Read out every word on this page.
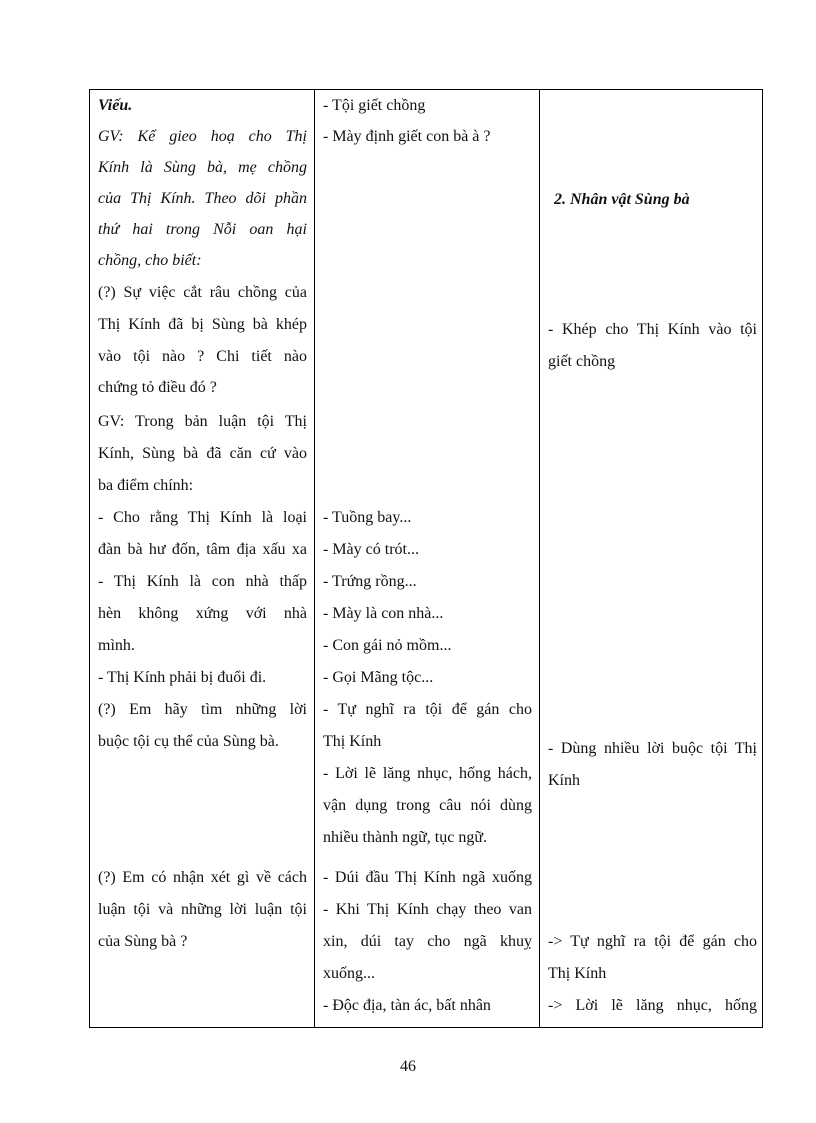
Viếu.
GV: Kể gieo hoạ cho Thị
Kính là Sùng bà, mẹ chồng
của Thị Kính. Theo dõi phần
thứ hai trong Nỗi oan hại
chồng, cho biết:
(?) Sự việc cắt râu chồng của
Thị Kính đã bị Sùng bà khép
vào tội nào ? Chi tiết nào
chứng tỏ điều đó ?
GV: Trong bản luận tội Thị
Kính, Sùng bà đã căn cứ vào
ba điểm chính:
- Cho rằng Thị Kính là loại
đàn bà hư đốn, tâm địa xấu xa
- Thị Kính là con nhà thấp
hèn không xứng với nhà
mình.
- Thị Kính phải bị đuổi đi.
(?) Em hãy tìm những lời
buộc tội cụ thể của Sùng bà.
(?) Em có nhận xét gì về cách
luận tội và những lời luận tội
của Sùng bà ?
- Tội giết chồng
- Mày định giết con bà à ?
- Tuồng bay...
- Mày có trót...
- Trứng rồng...
- Mày là con nhà...
- Con gái nỏ mồm...
- Gọi Mãng tộc...
- Tự nghĩ ra tội để gán cho
Thị Kính
- Lời lẽ lăng nhục, hống hách,
vận dụng trong câu nói dùng
nhiều thành ngữ, tục ngữ.
- Dúi đầu Thị Kính ngã xuống
- Khi Thị Kính chạy theo van
xin, dúi tay cho ngã khuỵ
xuống...
- Độc địa, tàn ác, bất nhân
2. Nhân vật Sùng bà
- Khép cho Thị Kính vào tội
giết chồng
- Dùng nhiều lời buộc tội Thị
Kính
-> Tự nghĩ ra tội để gán cho
Thị Kính
-> Lời lẽ lăng nhục, hống
46
